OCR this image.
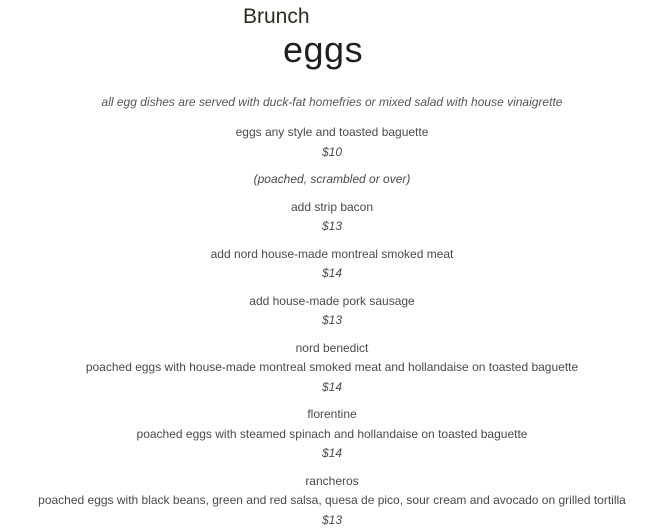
Brunch
eggs
all egg dishes are served with duck-fat homefries or mixed salad with house vinaigrette
eggs any style and toasted baguette
$10
(poached, scrambled or over)
add strip bacon
$13
add nord house-made montreal smoked meat
$14
add house-made pork sausage
$13
nord benedict
poached eggs with house-made montreal smoked meat and hollandaise on toasted baguette
$14
florentine
poached eggs with steamed spinach and hollandaise on toasted baguette
$14
rancheros
poached eggs with black beans, green and red salsa, quesa de pico, sour cream and avocado on grilled tortilla
$13
